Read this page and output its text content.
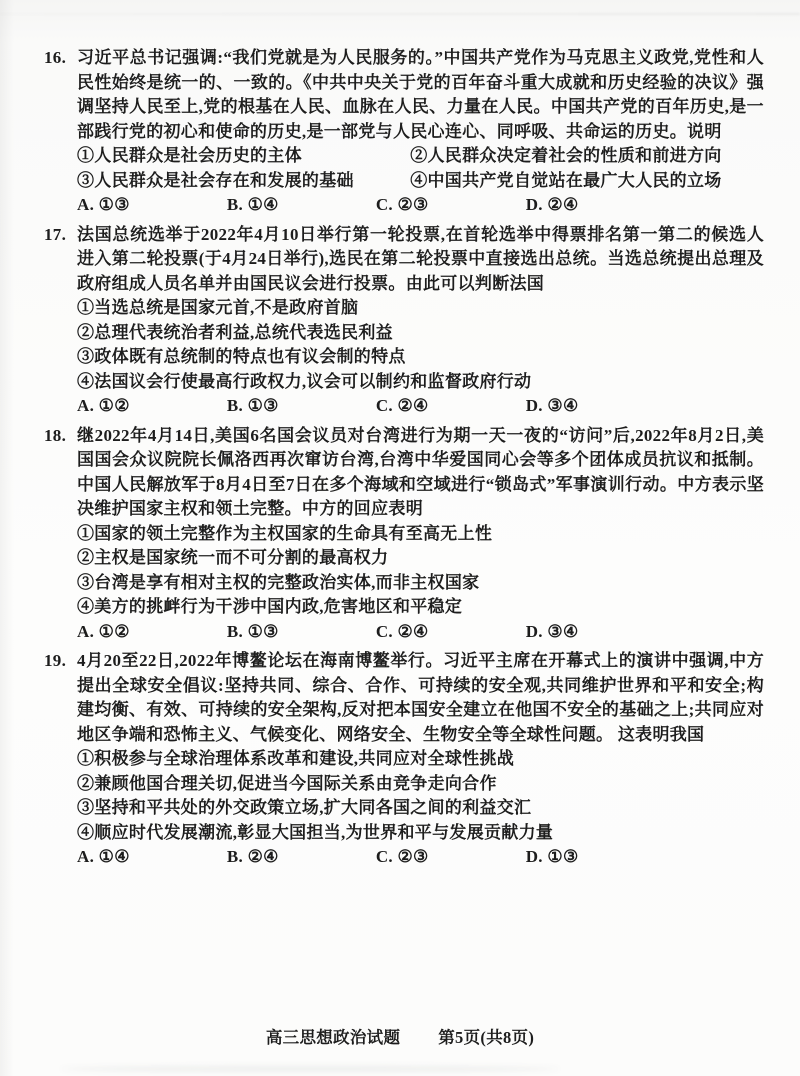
16. 习近平总书记强调:“我们党就是为人民服务的。”中国共产党作为马克思主义政党,党性和人民性始终是统一的、一致的。《中共中央关于党的百年奋斗重大成就和历史经验的决议》强调坚持人民至上,党的根基在人民、血脉在人民、力量在人民。中国共产党的百年历史,是一部践行党的初心和使命的历史,是一部党与人民心连心、同呼吸、共命运的历史。说明

①人民群众是社会历史的主体	②人民群众决定着社会的性质和前进方向
③人民群众是社会存在和发展的基础	④中国共产党自觉站在最广大人民的立场
A. ①③	B. ①④	C. ②③	D. ②④
17. 法国总统选举于2022年4月10日举行第一轮投票,在首轮选举中得票排名第一第二的候选人进入第二轮投票(于4月24日举行),选民在第二轮投票中直接选出总统。当选总统提出总理及政府组成人员名单并由国民议会进行投票。由此可以判断法国

①当选总统是国家元首,不是政府首脑
②总理代表统治者利益,总统代表选民利益
③政体既有总统制的特点也有议会制的特点
④法国议会行使最高行政权力,议会可以制约和监督政府行动
A. ①②	B. ①③	C. ②④	D. ③④
18. 继2022年4月14日,美国6名国会议员对台湾进行为期一天一夜的“访问”后,2022年8月2日,美国国会众议院院长佩洛西再次窜访台湾,台湾中华爱国同心会等多个团体成员抗议和抵制。中国人民解放军于8月4日至7日在多个海域和空域进行“锁岛式”军事演训行动。中方表示坚决维护国家主权和领土完整。中方的回应表明

①国家的领土完整作为主权国家的生命具有至高无上性
②主权是国家统一而不可分割的最高权力
③台湾是享有相对主权的完整政治实体,而非主权国家
④美方的挑衅行为干涉中国内政,危害地区和平稳定
A. ①②	B. ①③	C. ②④	D. ③④
19. 4月20至22日,2022年博鳌论坛在海南博鳌举行。习近平主席在开幕式上的演讲中强调,中方提出全球安全倡议:坚持共同、综合、合作、可持续的安全观,共同维护世界和平和安全;构建均衡、有效、可持续的安全架构,反对把本国安全建立在他国不安全的基础之上;共同应对地区争端和恐怖主义、气候变化、网络安全、生物安全等全球性问题。 这表明我国

①积极参与全球治理体系改革和建设,共同应对全球性挑战
②兼顾他国合理关切,促进当今国际关系由竞争走向合作
③坚持和平共处的外交政策立场,扩大同各国之间的利益交汇
④顺应时代发展潮流,彰显大国担当,为世界和平与发展贡献力量
A. ①④	B. ②④	C. ②③	D. ①③
高三思想政治试题 第5页(共8页)
